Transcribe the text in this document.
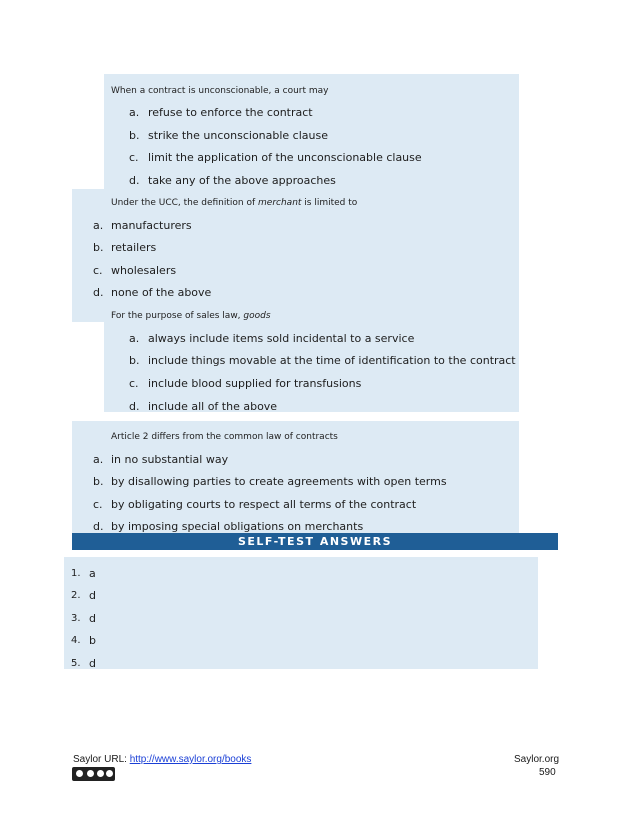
When a contract is unconscionable, a court may
a. refuse to enforce the contract
b. strike the unconscionable clause
c. limit the application of the unconscionable clause
d. take any of the above approaches
Under the UCC, the definition of merchant is limited to
a. manufacturers
b. retailers
c. wholesalers
d. none of the above
For the purpose of sales law, goods
a. always include items sold incidental to a service
b. include things movable at the time of identification to the contract
c. include blood supplied for transfusions
d. include all of the above
Article 2 differs from the common law of contracts
a. in no substantial way
b. by disallowing parties to create agreements with open terms
c. by obligating courts to respect all terms of the contract
d. by imposing special obligations on merchants
SELF-TEST ANSWERS
1. a
2. d
3. d
4. b
5. d
Saylor URL: http://www.saylor.org/books	Saylor.org
590
